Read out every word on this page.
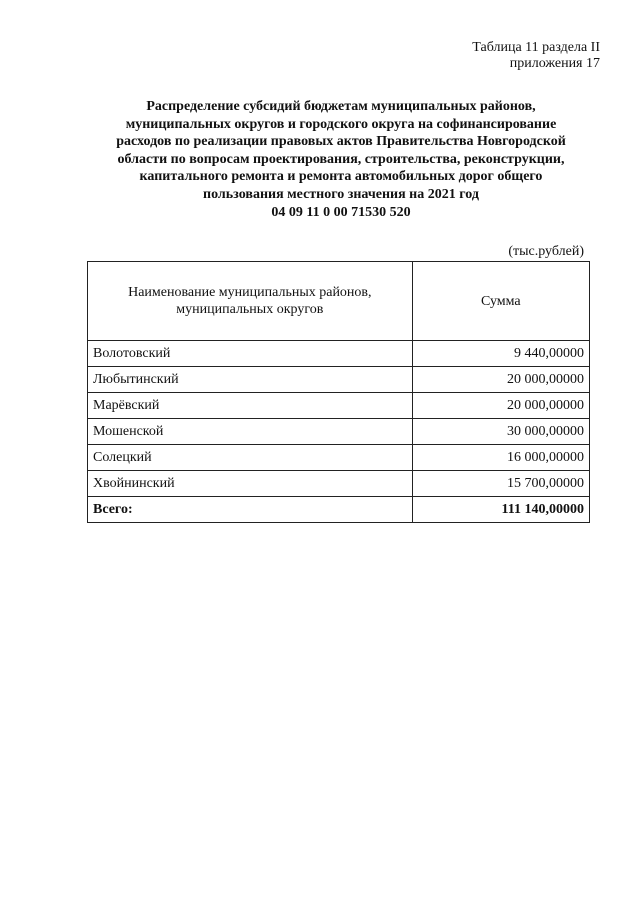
Таблица 11 раздела II
приложения 17
Распределение субсидий бюджетам муниципальных районов,
муниципальных округов и городского округа на софинансирование
расходов по реализации правовых актов Правительства Новгородской
области по вопросам проектирования, строительства, реконструкции,
капитального ремонта и ремонта автомобильных дорог общего
пользования местного значения на 2021 год
04 09 11 0 00 71530 520
(тыс.рублей)
Наименование муниципальных районов, муниципальных округов	Сумма
Волотовский	9 440,00000
Любытинский	20 000,00000
Марёвский	20 000,00000
Мошенской	30 000,00000
Солецкий	16 000,00000
Хвойнинский	15 700,00000
Всего:	111 140,00000
